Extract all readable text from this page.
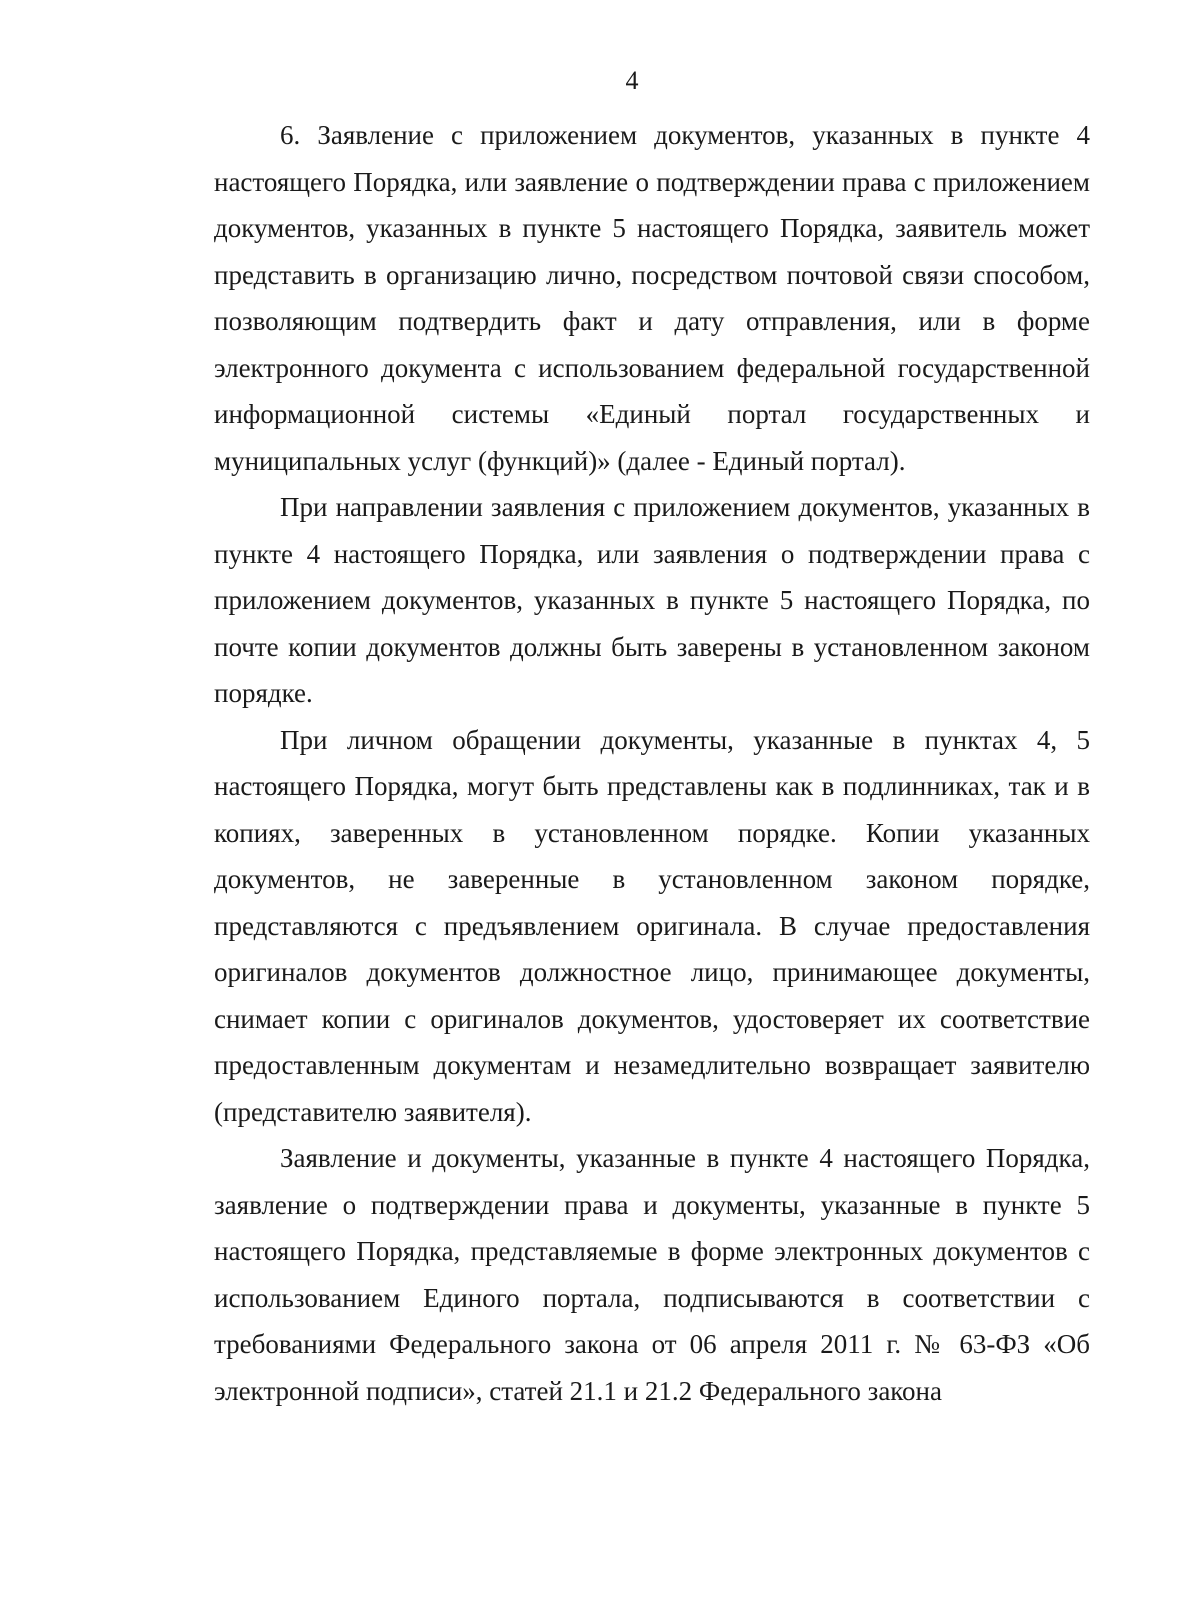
4

6. Заявление с приложением документов, указанных в пункте 4 настоящего Порядка, или заявление о подтверждении права с приложением документов, указанных в пункте 5 настоящего Порядка, заявитель может представить в организацию лично, посредством почтовой связи способом, позволяющим подтвердить факт и дату отправления, или в форме электронного документа с использованием федеральной государственной информационной системы «Единый портал государственных и муниципальных услуг (функций)» (далее - Единый портал).

При направлении заявления с приложением документов, указанных в пункте 4 настоящего Порядка, или заявления о подтверждении права с приложением документов, указанных в пункте 5 настоящего Порядка, по почте копии документов должны быть заверены в установленном законом порядке.

При личном обращении документы, указанные в пунктах 4, 5 настоящего Порядка, могут быть представлены как в подлинниках, так и в копиях, заверенных в установленном порядке. Копии указанных документов, не заверенные в установленном законом порядке, представляются с предъявлением оригинала. В случае предоставления оригиналов документов должностное лицо, принимающее документы, снимает копии с оригиналов документов, удостоверяет их соответствие предоставленным документам и незамедлительно возвращает заявителю (представителю заявителя).

Заявление и документы, указанные в пункте 4 настоящего Порядка, заявление о подтверждении права и документы, указанные в пункте 5 настоящего Порядка, представляемые в форме электронных документов с использованием Единого портала, подписываются в соответствии с требованиями Федерального закона от 06 апреля 2011 г. № 63-ФЗ «Об электронной подписи», статей 21.1 и 21.2 Федерального закона
